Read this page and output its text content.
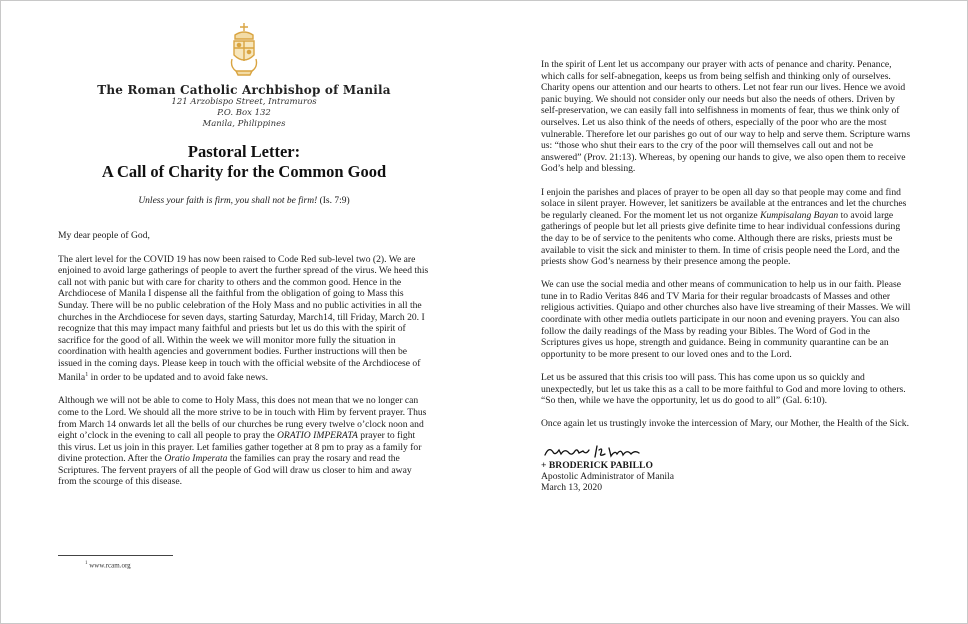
The Roman Catholic Archbishop of Manila
121 Arzobispo Street, Intramuros
P.O. Box 132
Manila, Philippines
Pastoral Letter:
A Call of Charity for the Common Good
Unless your faith is firm, you shall not be firm! (Is. 7:9)

My dear people of God,

The alert level for the COVID 19 has now been raised to Code Red sub-level two (2). We are enjoined to avoid large gatherings of people to avert the further spread of the virus. We heed this call not with panic but with care for charity to others and the common good. Hence in the Archdiocese of Manila I dispense all the faithful from the obligation of going to Mass this Sunday. There will be no public celebration of the Holy Mass and no public activities in all the churches in the Archdiocese for seven days, starting Saturday, March14, till Friday, March 20. I recognize that this may impact many faithful and priests but let us do this with the spirit of sacrifice for the good of all. Within the week we will monitor more fully the situation in coordination with health agencies and government bodies. Further instructions will then be issued in the coming days. Please keep in touch with the official website of the Archdiocese of Manila$^1$ in order to be updated and to avoid fake news.

Although we will not be able to come to Holy Mass, this does not mean that we no longer can come to the Lord. We should all the more strive to be in touch with Him by fervent prayer. Thus from March 14 onwards let all the bells of our churches be rung every twelve o’clock noon and eight o’clock in the evening to call all people to pray the ORATIO IMPERATA prayer to fight this virus. Let us join in this prayer. Let families gather together at 8 pm to pray as a family for divine protection. After the Oratio Imperata the families can pray the rosary and read the Scriptures. The fervent prayers of all the people of God will draw us closer to him and away from the scourge of this disease.

$^1$ www.rcam.org

In the spirit of Lent let us accompany our prayer with acts of penance and charity. Penance, which calls for self-abnegation, keeps us from being selfish and thinking only of ourselves. Charity opens our attention and our hearts to others. Let not fear run our lives. Hence we avoid panic buying. We should not consider only our needs but also the needs of others. Driven by self-preservation, we can easily fall into selfishness in moments of fear, thus we think only of ourselves. Let us also think of the needs of others, especially of the poor who are the most vulnerable. Therefore let our parishes go out of our way to help and serve them. Scripture warns us: “those who shut their ears to the cry of the poor will themselves call out and not be answered” (Prov. 21:13). Whereas, by opening our hands to give, we also open them to receive God’s help and blessing.

I enjoin the parishes and places of prayer to be open all day so that people may come and find solace in silent prayer. However, let sanitizers be available at the entrances and let the churches be regularly cleaned. For the moment let us not organize Kumpisalang Bayan to avoid large gatherings of people but let all priests give definite time to hear individual confessions during the day to be of service to the penitents who come. Although there are risks, priests must be available to visit the sick and minister to them. In time of crisis people need the Lord, and the priests show God’s nearness by their presence among the people.

We can use the social media and other means of communication to help us in our faith. Please tune in to Radio Veritas 846 and TV Maria for their regular broadcasts of Masses and other religious activities. Quiapo and other churches also have live streaming of their Masses. We will coordinate with other media outlets participate in our noon and evening prayers. You can also follow the daily readings of the Mass by reading your Bibles. The Word of God in the Scriptures gives us hope, strength and guidance. Being in community quarantine can be an opportunity to be more present to our loved ones and to the Lord.

Let us be assured that this crisis too will pass. This has come upon us so quickly and unexpectedly, but let us take this as a call to be more faithful to God and more loving to others. “So then, while we have the opportunity, let us do good to all” (Gal. 6:10).

Once again let us trustingly invoke the intercession of Mary, our Mother, the Health of the Sick.

+ BRODERICK PABILLO

Apostolic Administrator of Manila

March 13, 2020
